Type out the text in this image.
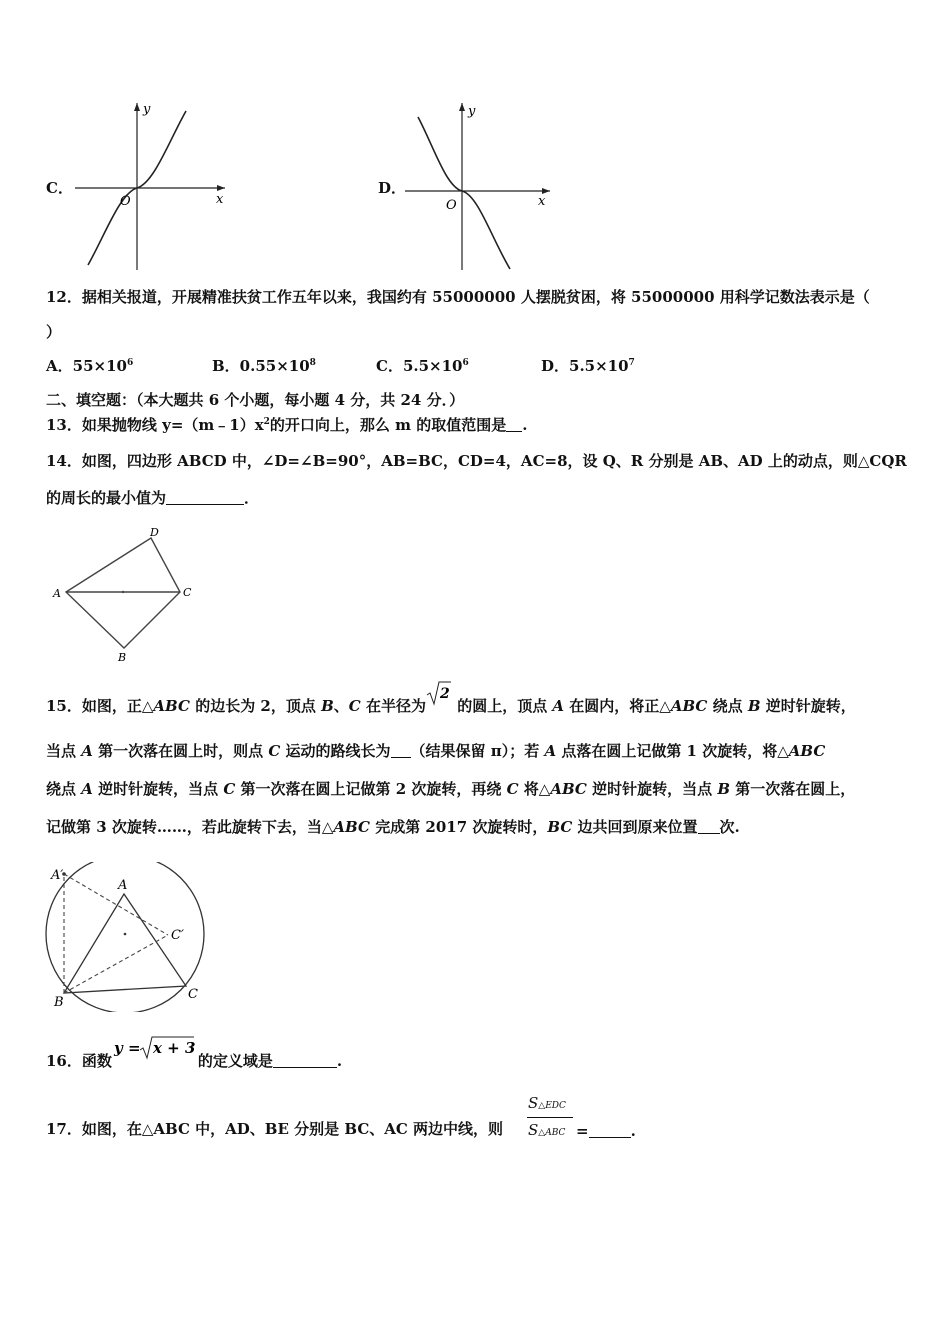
C．
y
x
O
D．
y
x
O
12．据相关报道，开展精准扶贫工作五年以来，我国约有 55000000 人摆脱贫困，将 55000000 用科学记数法表示是（
）
A．$55\times 10^6$	B．$0.55\times 10^8$	C．$5.5\times 10^6$	D．$5.5\times 10^7$
二、填空题：（本大题共 6 个小题，每小题 4 分，共 24 分．）
13．如果抛物线 $y=(m﹣1)x^2$的开口向上，那么 m 的取值范围是 .
14．如图，四边形 ABCD 中，∠D=∠B=90°，AB=BC，CD=4，AC=8，设 Q、R 分别是 AB、AD 上的动点，则△CQR
的周长的最小值为	．
A
D
C
B
15．如图，正△ABC 的边长为 2，顶点 B、C 在半径为
2
的圆上，顶点 A 在圆内，将正△ABC 绕点 B 逆时针旋转，
当点 A 第一次落在圆上时，则点 C 运动的路线长为 （结果保留 π）；若 A 点落在圆上记做第 1 次旋转，将△ABC
绕点 A 逆时针旋转，当点 C 第一次落在圆上记做第 2 次旋转，再绕 C 将△ABC 逆时针旋转，当点 B 第一次落在圆上，
记做第 3 次旋转……，若此旋转下去，当△ABC 完成第 2017 次旋转时，BC 边共回到原来位置 次.
A′
A
C′
B
C
16．函数
y = x + 3
的定义域是	.
17．如图，在△ABC 中，AD、BE 分别是 BC、AC 两边中线，则
S△EDC
S△ABC =	.
